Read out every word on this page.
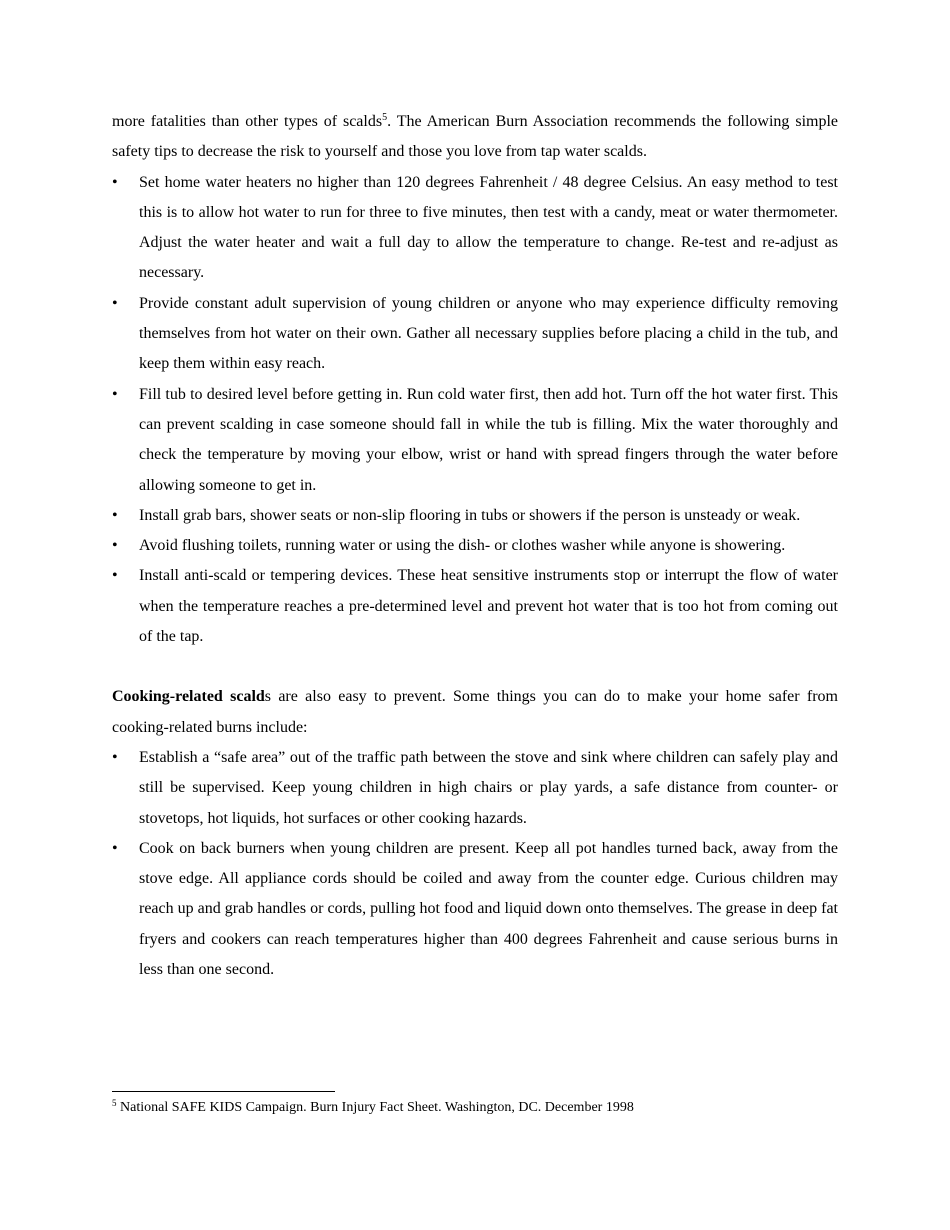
more fatalities than other types of scalds$^5$. The American Burn Association recommends the following simple safety tips to decrease the risk to yourself and those you love from tap water scalds.

• Set home water heaters no higher than 120 degrees Fahrenheit / 48 degree Celsius. An easy method to test this is to allow hot water to run for three to five minutes, then test with a candy, meat or water thermometer. Adjust the water heater and wait a full day to allow the temperature to change. Re-test and re-adjust as necessary.
• Provide constant adult supervision of young children or anyone who may experience difficulty removing themselves from hot water on their own. Gather all necessary supplies before placing a child in the tub, and keep them within easy reach.
• Fill tub to desired level before getting in. Run cold water first, then add hot. Turn off the hot water first. This can prevent scalding in case someone should fall in while the tub is filling. Mix the water thoroughly and check the temperature by moving your elbow, wrist or hand with spread fingers through the water before allowing someone to get in.
• Install grab bars, shower seats or non-slip flooring in tubs or showers if the person is unsteady or weak.
• Avoid flushing toilets, running water or using the dish- or clothes washer while anyone is showering.
• Install anti-scald or tempering devices. These heat sensitive instruments stop or interrupt the flow of water when the temperature reaches a pre-determined level and prevent hot water that is too hot from coming out of the tap.

Cooking-related scalds are also easy to prevent. Some things you can do to make your home safer from cooking-related burns include:

• Establish a “safe area” out of the traffic path between the stove and sink where children can safely play and still be supervised. Keep young children in high chairs or play yards, a safe distance from counter- or stovetops, hot liquids, hot surfaces or other cooking hazards.
• Cook on back burners when young children are present. Keep all pot handles turned back, away from the stove edge. All appliance cords should be coiled and away from the counter edge. Curious children may reach up and grab handles or cords, pulling hot food and liquid down onto themselves. The grease in deep fat fryers and cookers can reach temperatures higher than 400 degrees Fahrenheit and cause serious burns in less than one second.
$^5$ National SAFE KIDS Campaign. Burn Injury Fact Sheet. Washington, DC. December 1998
